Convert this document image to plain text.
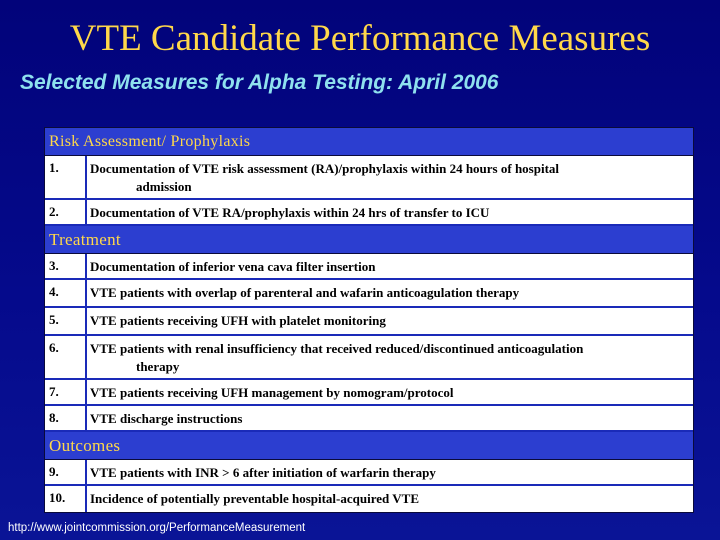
VTE Candidate Performance Measures
Selected Measures for Alpha Testing: April 2006
Risk Assessment/ Prophylaxis
1.	Documentation of VTE risk assessment (RA)/prophylaxis within 24 hours of hospital
admission
2.	Documentation of VTE RA/prophylaxis within 24 hrs of transfer to ICU
Treatment
3.	Documentation of inferior vena cava filter insertion
4.	VTE patients with overlap of parenteral and wafarin anticoagulation therapy
5.	VTE patients receiving UFH with platelet monitoring
6.	VTE patients with renal insufficiency that received reduced/discontinued anticoagulation
therapy
7.	VTE patients receiving UFH management by nomogram/protocol
8.	VTE discharge instructions
Outcomes
9.	VTE patients with INR > 6 after initiation of warfarin therapy
10.	Incidence of potentially preventable hospital-acquired VTE
http://www.jointcommission.org/PerformanceMeasurement
